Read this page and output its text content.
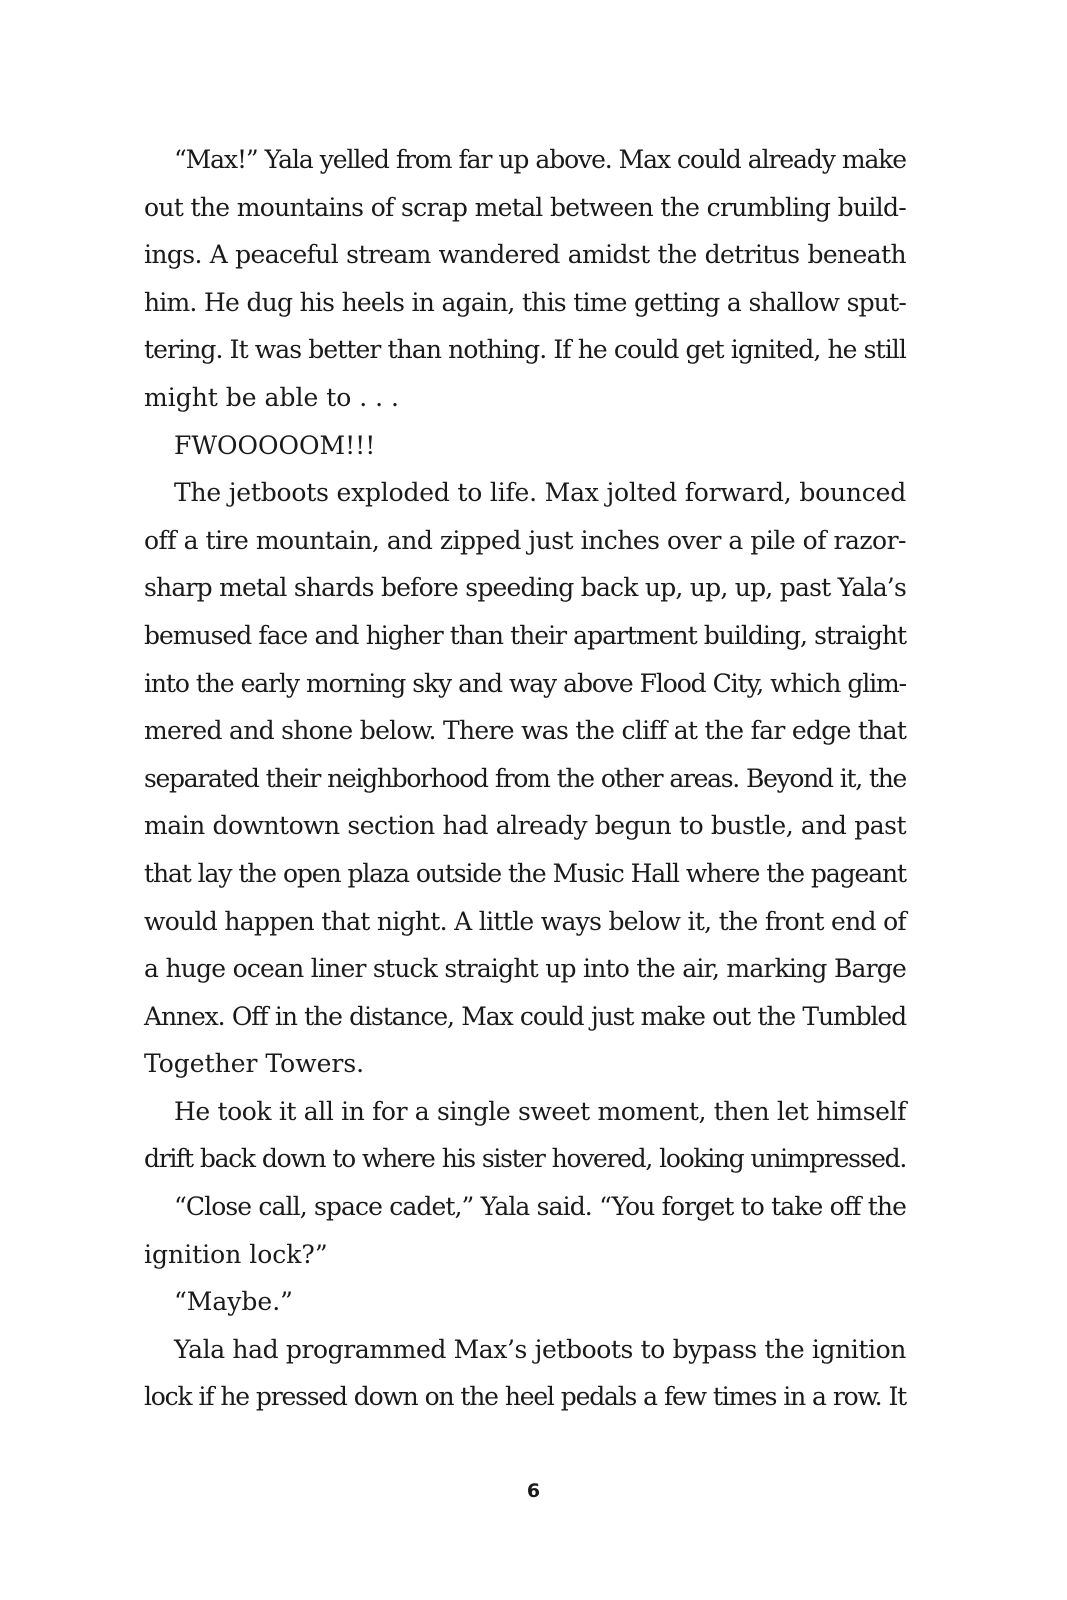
“Max!” Yala yelled from far up above. Max could already make
out the mountains of scrap metal between the crumbling build-
ings. A peaceful stream wandered amidst the detritus beneath
him. He dug his heels in again, this time getting a shallow sput-
tering. It was better than nothing. If he could get ignited, he still
might be able to . . .
FWOOOOOM!!!
The jetboots exploded to life. Max jolted forward, bounced
off a tire mountain, and zipped just inches over a pile of razor-
sharp metal shards before speeding back up, up, up, past Yala’s
bemused face and higher than their apartment building, straight
into the early morning sky and way above Flood City, which glim-
mered and shone below. There was the cliff at the far edge that
separated their neighborhood from the other areas. Beyond it, the
main downtown section had already begun to bustle, and past
that lay the open plaza outside the Music Hall where the pageant
would happen that night. A little ways below it, the front end of
a huge ocean liner stuck straight up into the air, marking Barge
Annex. Off in the distance, Max could just make out the Tumbled
Together Towers.
He took it all in for a single sweet moment, then let himself
drift back down to where his sister hovered, looking unimpressed.
“Close call, space cadet,” Yala said. “You forget to take off the
ignition lock?”
“Maybe.”
Yala had programmed Max’s jetboots to bypass the ignition
lock if he pressed down on the heel pedals a few times in a row. It
6
